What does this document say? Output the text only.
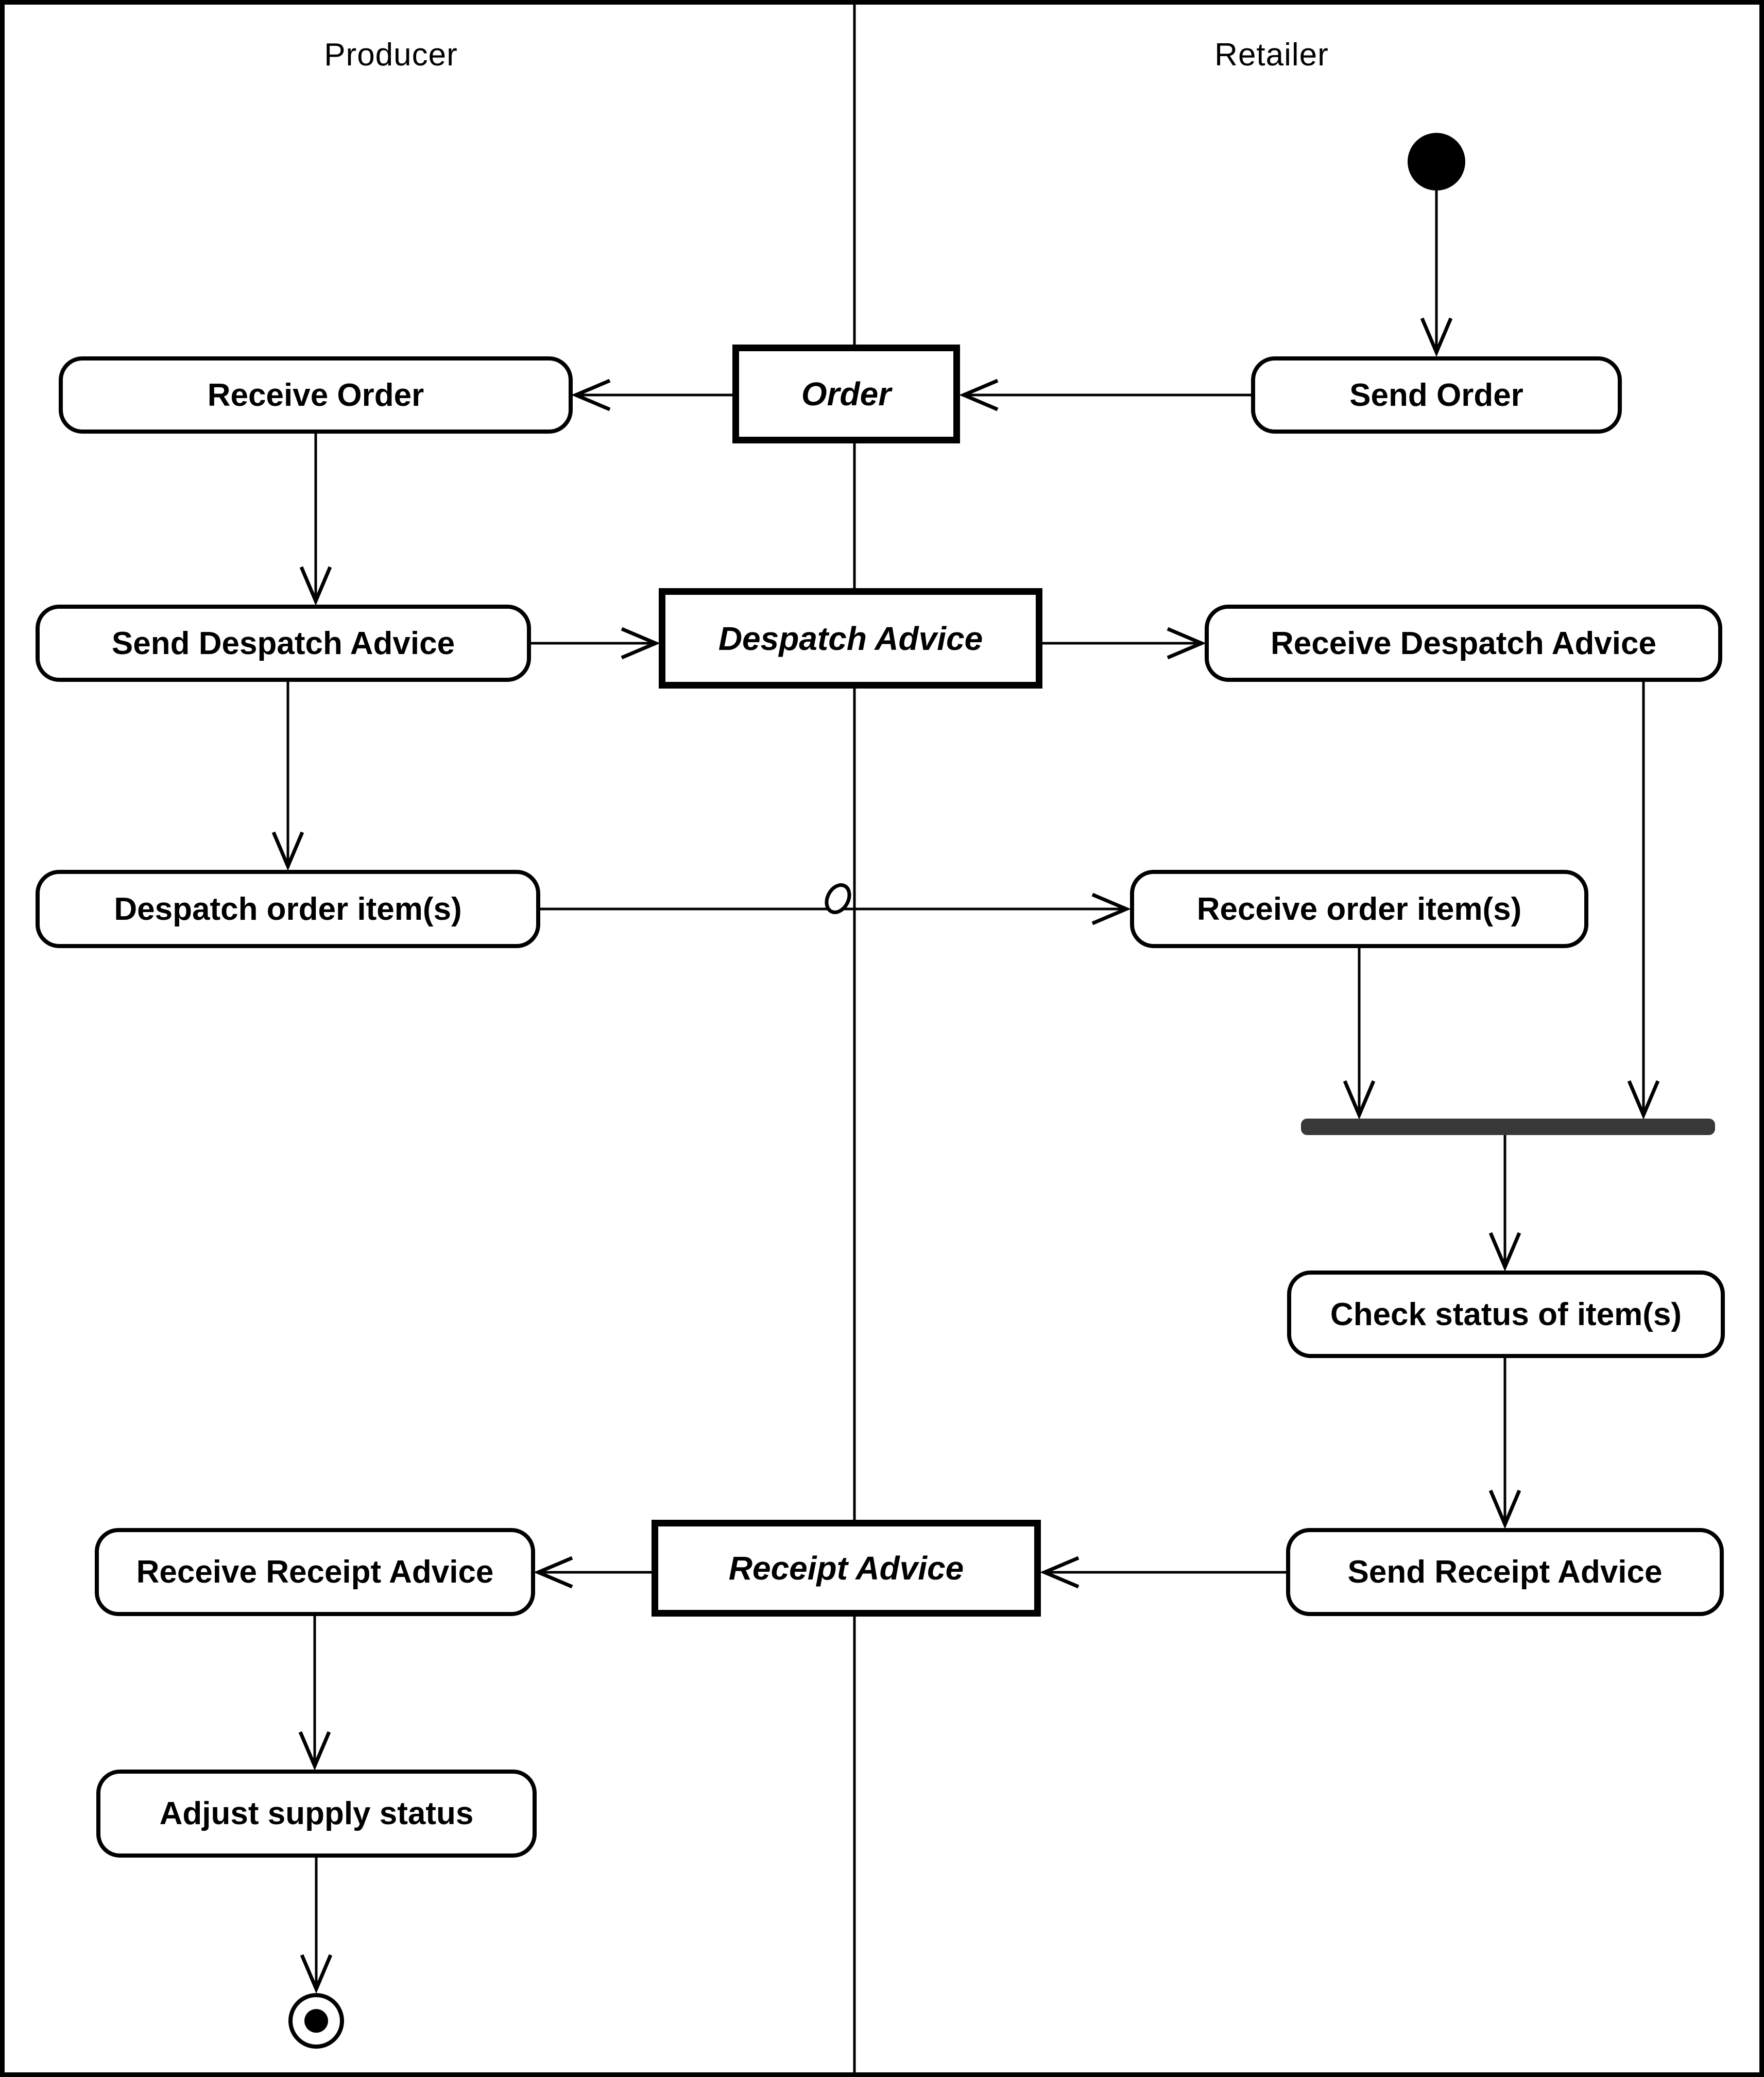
Producer	Retailer
Send Order
Order
Receive Order
Send Despatch Advice	Despatch Advice	Receive Despatch Advice
Despatch order item(s)	Receive order item(s)
Check status of item(s)
Send Receipt Advice
Receipt Advice
Receive Receipt Advice
Adjust supply status
